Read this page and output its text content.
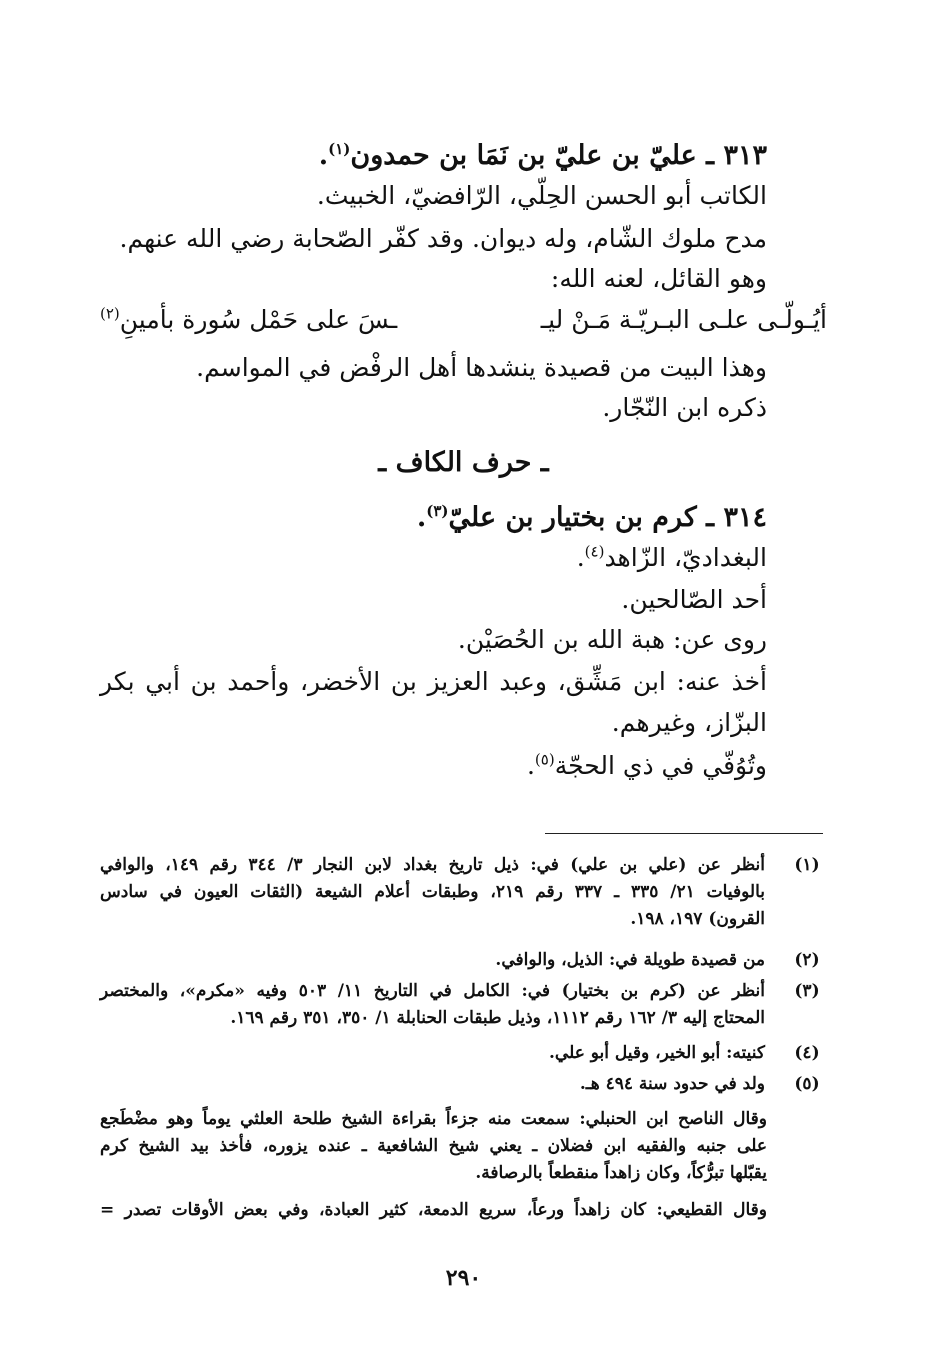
٣١٣ ـ عليّ بن عليّ بن نَمَا بن حمدون$^{(١)}$.
الكاتب أبو الحسن الحِلّي، الرّافضيّ، الخبيث.
مدح ملوك الشّام، وله ديوان. وقد كفّر الصّحابة رضي الله عنهم.
وهو القائل، لعنه الله:
أيُـولّـى علـى البـريّـة مَـنْ ليـ
ـسَ على حَمْل سُورة بأمينِ$^{(٢)}$
وهذا البيت من قصيدة ينشدها أهل الرفْض في المواسم.
ذكره ابن النّجّار.
ـ حرف الكاف ـ
٣١٤ ـ كرم بن بختيار بن عليّ$^{(٣)}$.
البغداديّ، الزّاهد$^{(٤)}$.
أحد الصّالحين.
روى عن: هبة الله بن الحُصَيْن.
أخذ عنه: ابن مَشِّق، وعبد العزيز بن الأخضر، وأحمد بن أبي بكر
البزّاز، وغيرهم.
وتُوُفّي في ذي الحجّة$^{(٥)}$.
(١)
أنظر عن (علي بن علي) في: ذيل تاريخ بغداد لابن النجار ٣/ ٣٤٤ رقم ١٤٩، والوافي
بالوفيات ٢١/ ٣٣٥ ـ ٣٣٧ رقم ٢١٩، وطبقات أعلام الشيعة (الثقات العيون في سادس
القرون) ١٩٧، ١٩٨.
(٢)
من قصيدة طويلة في: الذيل، والوافي.
(٣)
أنظر عن (كرم بن بختيار) في: الكامل في التاريخ ١١/ ٥٠٣ وفيه «مكرم»، والمختصر
المحتاج إليه ٣/ ١٦٢ رقم ١١١٢، وذيل طبقات الحنابلة ١/ ٣٥٠، ٣٥١ رقم ١٦٩.
(٤)
كنيته: أبو الخير، وقيل أبو علي.
(٥)
ولد في حدود سنة ٤٩٤ هـ.
وقال الناصح ابن الحنبلي: سمعت منه جزءاً بقراءة الشيخ طلحة العلثي يوماً وهو مضْطَجع
على جنبه والفقيه ابن فضلان ـ يعني شيخ الشافعية ـ عنده يزوره، فأخذ بيد الشيخ كرم
يقبّلها تبرُّكاً، وكان زاهداً منقطعاً بالرصافة.
وقال القطيعي: كان زاهداً ورعاً، سريع الدمعة، كثير العبادة، وفي بعض الأوقات تصدر =
٢٩٠
